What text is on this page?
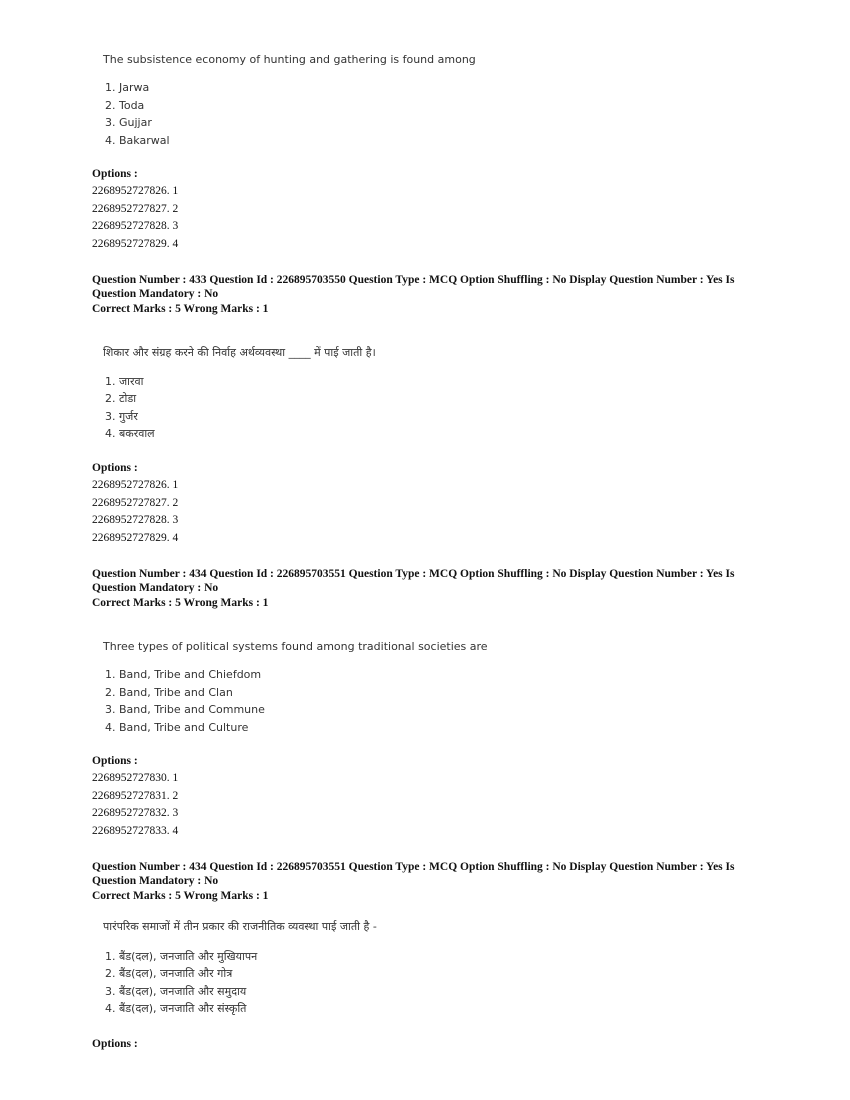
The subsistence economy of hunting and gathering is found among
1. Jarwa
2. Toda
3. Gujjar
4. Bakarwal
Options :
2268952727826. 1
2268952727827. 2
2268952727828. 3
2268952727829. 4
Question Number : 433 Question Id : 226895703550 Question Type : MCQ Option Shuffling : No Display Question Number : Yes Is
Question Mandatory : No
Correct Marks : 5 Wrong Marks : 1
शिकार और संग्रह करने की निर्वाह अर्थव्यवस्था ____ में पाई जाती है।
1. जारवा
2. टोडा
3. गुर्जर
4. बकरवाल
Options :
2268952727826. 1
2268952727827. 2
2268952727828. 3
2268952727829. 4
Question Number : 434 Question Id : 226895703551 Question Type : MCQ Option Shuffling : No Display Question Number : Yes Is
Question Mandatory : No
Correct Marks : 5 Wrong Marks : 1
Three types of political systems found among traditional societies are
1. Band, Tribe and Chiefdom
2. Band, Tribe and Clan
3. Band, Tribe and Commune
4. Band, Tribe and Culture
Options :
2268952727830. 1
2268952727831. 2
2268952727832. 3
2268952727833. 4
Question Number : 434 Question Id : 226895703551 Question Type : MCQ Option Shuffling : No Display Question Number : Yes Is
Question Mandatory : No
Correct Marks : 5 Wrong Marks : 1
पारंपरिक समाजों में तीन प्रकार की राजनीतिक व्यवस्था पाई जाती है -
1. बैंड(दल), जनजाति और मुखियापन
2. बैंड(दल), जनजाति और गोत्र
3. बैंड(दल), जनजाति और समुदाय
4. बैंड(दल), जनजाति और संस्कृति
Options :
